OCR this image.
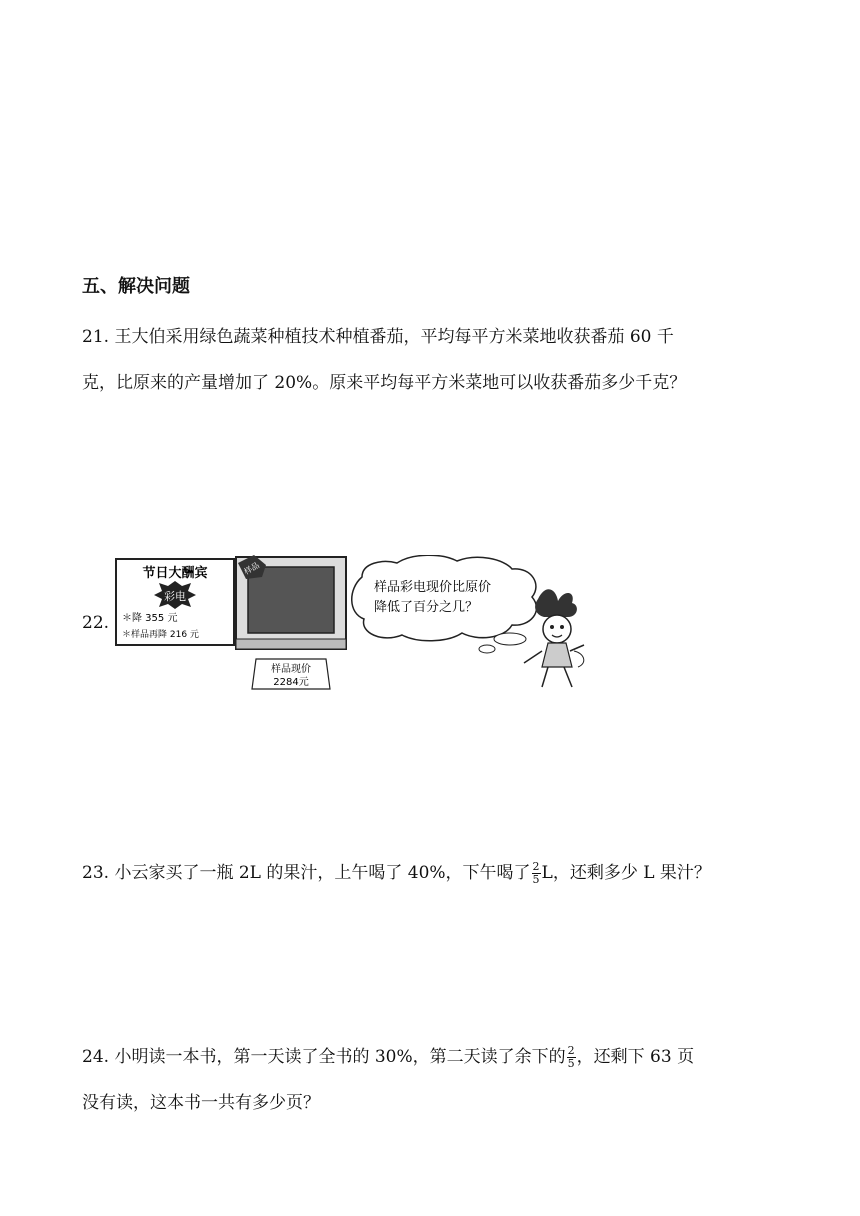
五、解决问题
21. 王大伯采用绿色蔬菜种植技术种植番茄，平均每平方米菜地收获番茄 60 千
克，比原来的产量增加了 20%。原来平均每平方米菜地可以收获番茄多少千克？
22.
节日大酬宾
彩电
＊降 355 元
＊样品再降 216 元
样品
样品现价
2284元
样品彩电现价比原价
降低了百分之几？
23. 小云家买了一瓶 2L 的果汁，上午喝了 40%，下午喝了 $\frac{2}{5}$ L，还剩多少 L 果汁？
24. 小明读一本书，第一天读了全书的 30%，第二天读了余下的 $\frac{2}{5}$ ，还剩下 63 页
没有读，这本书一共有多少页？
